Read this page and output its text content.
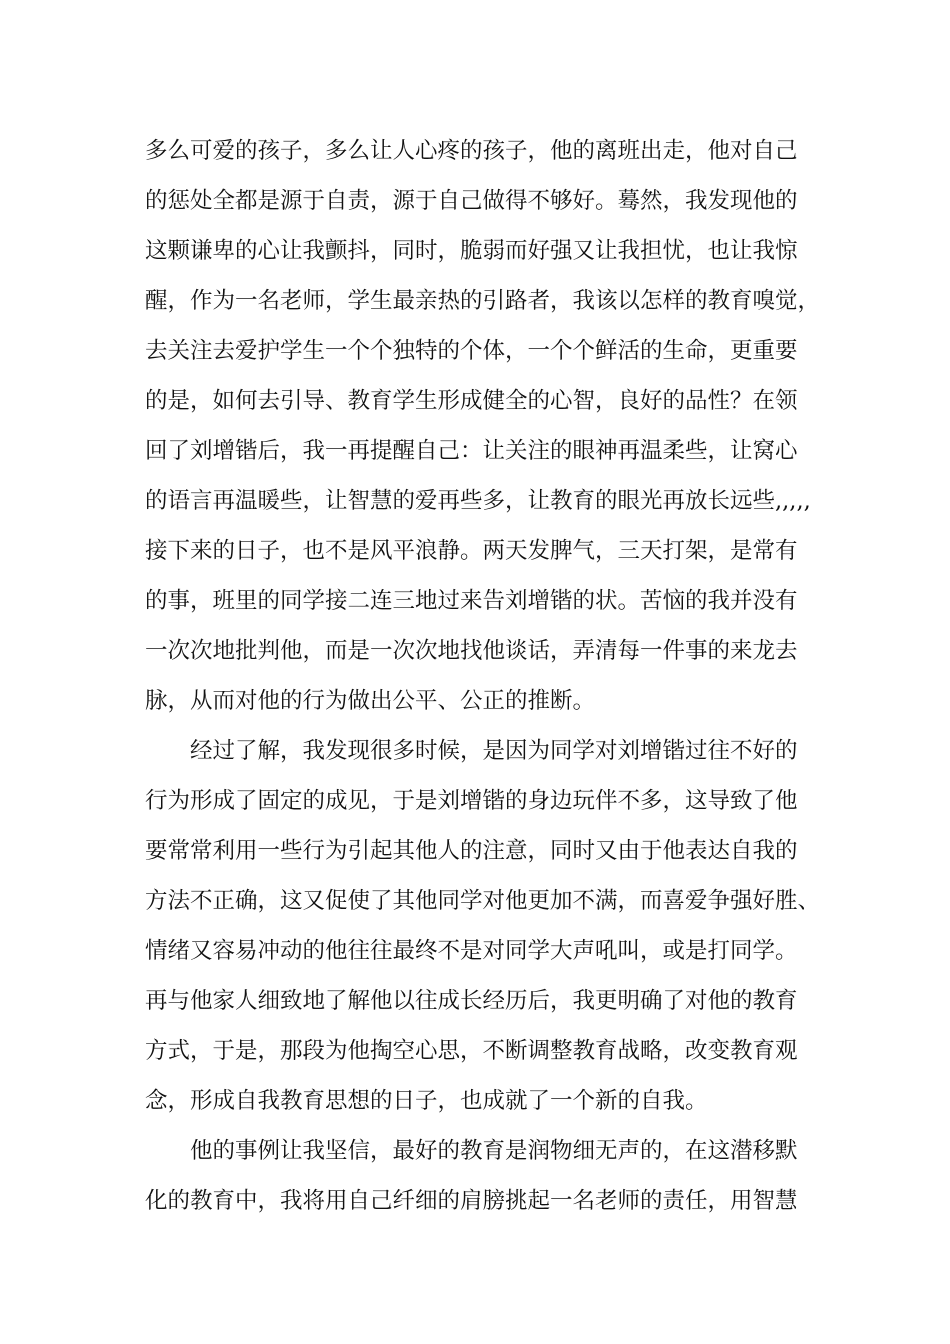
多么可爱的孩子，多么让人心疼的孩子，他的离班出走，他对自己
的惩处全都是源于自责，源于自己做得不够好。蓦然，我发现他的
这颗谦卑的心让我颤抖，同时，脆弱而好强又让我担忧，也让我惊
醒，作为一名老师，学生最亲热的引路者，我该以怎样的教育嗅觉，
去关注去爱护学生一个个独特的个体，一个个鲜活的生命，更重要
的是，如何去引导、教育学生形成健全的心智，良好的品性？在领
回了刘增锴后，我一再提醒自己：让关注的眼神再温柔些，让窝心
的语言再温暖些，让智慧的爱再些多，让教育的眼光再放长远些,,,,,
接下来的日子，也不是风平浪静。两天发脾气，三天打架，是常有
的事，班里的同学接二连三地过来告刘增锴的状。苦恼的我并没有
一次次地批判他，而是一次次地找他谈话，弄清每一件事的来龙去
脉，从而对他的行为做出公平、公正的推断。
经过了解，我发现很多时候，是因为同学对刘增锴过往不好的
行为形成了固定的成见，于是刘增锴的身边玩伴不多，这导致了他
要常常利用一些行为引起其他人的注意，同时又由于他表达自我的
方法不正确，这又促使了其他同学对他更加不满，而喜爱争强好胜、
情绪又容易冲动的他往往最终不是对同学大声吼叫，或是打同学。
再与他家人细致地了解他以往成长经历后，我更明确了对他的教育
方式，于是，那段为他掏空心思，不断调整教育战略，改变教育观
念，形成自我教育思想的日子，也成就了一个新的自我。
他的事例让我坚信，最好的教育是润物细无声的，在这潜移默
化的教育中，我将用自己纤细的肩膀挑起一名老师的责任，用智慧
